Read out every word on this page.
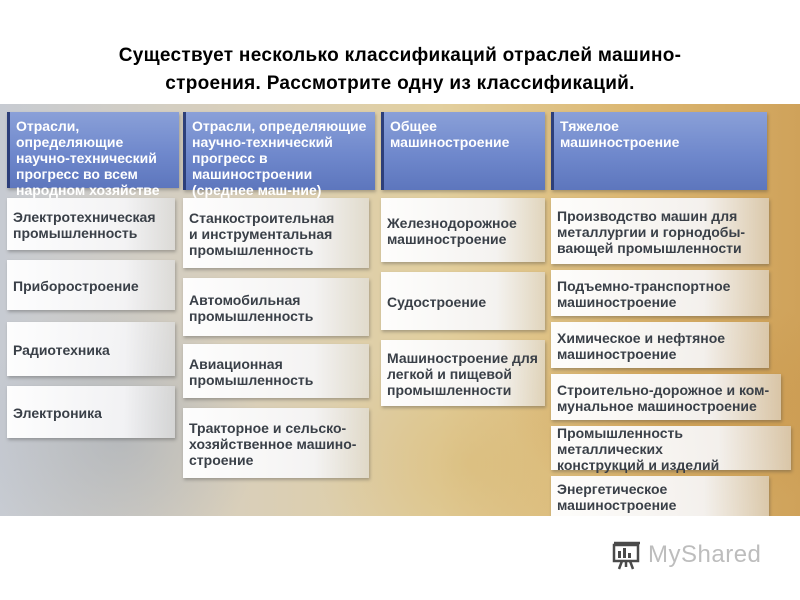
Существует несколько классификаций отраслей машино-
строения. Рассмотрите одну из классификаций.
Отрасли, определяющие
научно-технический
прогресс во всем
народном хозяйстве
Электротехническая
промышленность
Приборостроение
Радиотехника
Электроника
Отрасли, определяющие
научно-технический
прогресс в машиностроении
(среднее маш-ние)
Станкостроительная
и инструментальная
промышленность
Автомобильная
промышленность
Авиационная
промышленность
Тракторное и сельско-
хозяйственное машино-
строение
Общее
машиностроение
Железнодорожное
машиностроение
Судостроение
Машиностроение для
легкой и пищевой
промышленности
Тяжелое
машиностроение
Производство машин для
металлургии и горнодобы-
вающей промышленности
Подъемно-транспортное
машиностроение
Химическое и нефтяное
машиностроение
Строительно-дорожное и ком-
мунальное машиностроение
Промышленность металлических
конструкций и изделий
Энергетическое
машиностроение
MyShared
